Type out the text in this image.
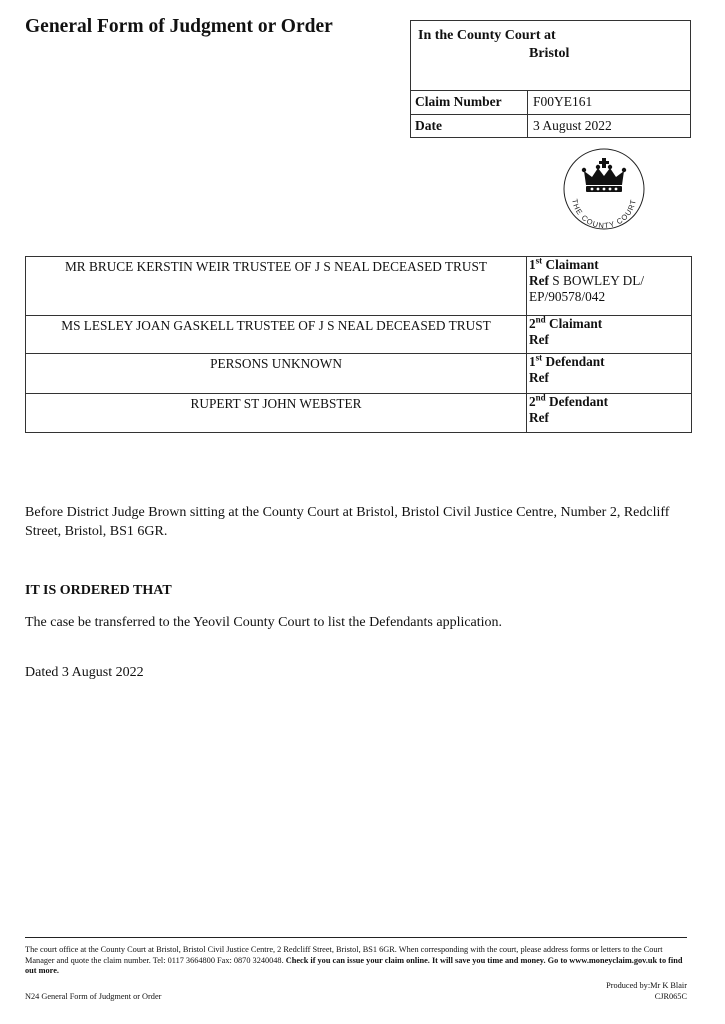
General Form of Judgment or Order	In the County Court at
Bristol
Claim Number	F00YE161
Date	3 August 2022
THE COUNTY COURT
MR BRUCE KERSTIN WEIR TRUSTEE OF J S NEAL DECEASED TRUST	1st Claimant
Ref S BOWLEY DL/
EP/90578/042
MS LESLEY JOAN GASKELL TRUSTEE OF J S NEAL DECEASED TRUST	2nd Claimant
Ref
PERSONS UNKNOWN	1st Defendant
Ref
RUPERT ST JOHN WEBSTER	2nd Defendant
Ref
Before District Judge Brown sitting at the County Court at Bristol, Bristol Civil Justice Centre, Number 2, Redcliff Street, Bristol, BS1 6GR.
IT IS ORDERED THAT
The case be transferred to the Yeovil County Court to list the Defendants application.
Dated 3 August 2022
The court office at the County Court at Bristol, Bristol Civil Justice Centre, 2 Redcliff Street, Bristol, BS1 6GR. When corresponding with the court, please address forms or letters to the Court Manager and quote the claim number. Tel: 0117 3664800 Fax: 0870 3240048. Check if you can issue your claim online. It will save you time and money. Go to www.moneyclaim.gov.uk to find out more.
N24 General Form of Judgment or Order
Produced by:Mr K Blair
CJR065C
